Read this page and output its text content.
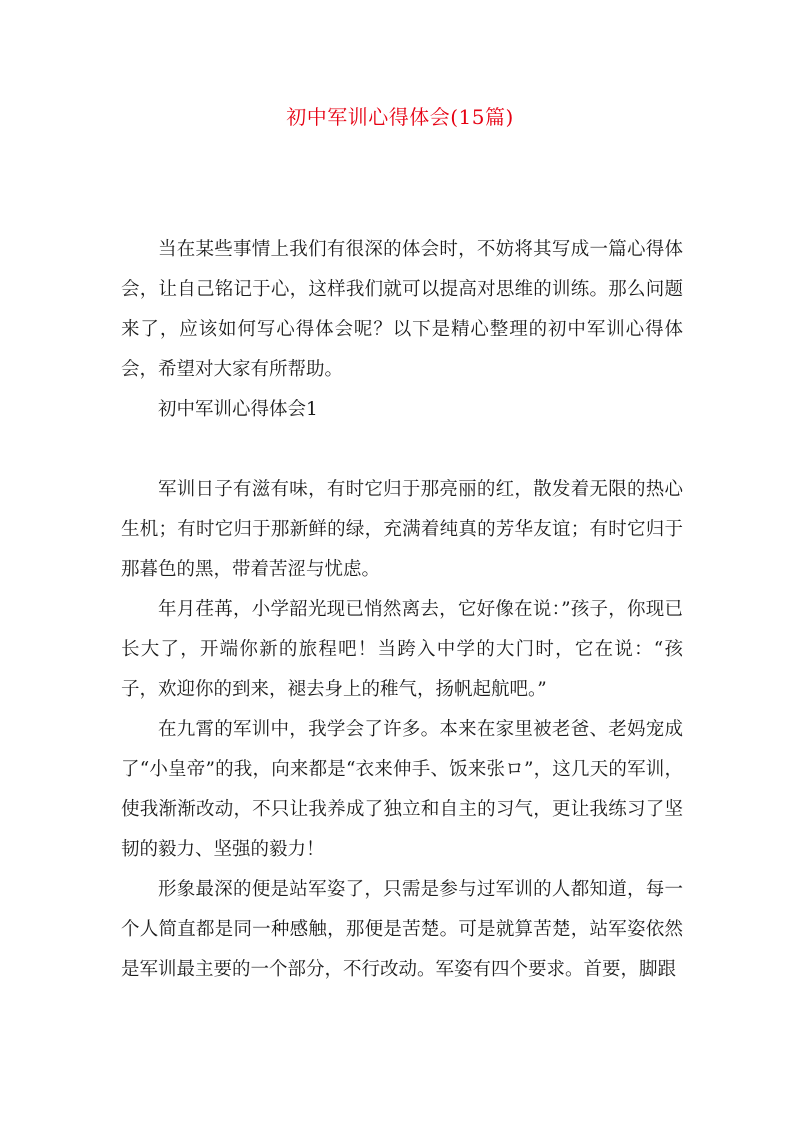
初中军训心得体会(15篇)

当在某些事情上我们有很深的体会时，不妨将其写成一篇心得体会，让自己铭记于心，这样我们就可以提高对思维的训练。那么问题来了，应该如何写心得体会呢？以下是精心整理的初中军训心得体会，希望对大家有所帮助。

初中军训心得体会1

军训日子有滋有味，有时它归于那亮丽的红，散发着无限的热心生机；有时它归于那新鲜的绿，充满着纯真的芳华友谊；有时它归于那暮色的黑，带着苦涩与忧虑。

年月荏苒，小学韶光现已悄然离去，它好像在说：”孩子，你现已长大了，开端你新的旅程吧！当跨入中学的大门时，它在说：“孩子，欢迎你的到来，褪去身上的稚气，扬帆起航吧。”

在九霄的军训中，我学会了许多。本来在家里被老爸、老妈宠成了“小皇帝”的我，向来都是“衣来伸手、饭来张ロ”，这几天的军训，使我渐渐改动，不只让我养成了独立和自主的习气，更让我练习了坚韧的毅力、坚强的毅力！

形象最深的便是站军姿了，只需是参与过军训的人都知道，每一个人简直都是同一种感触，那便是苦楚。可是就算苦楚，站军姿依然是军训最主要的一个部分，不行改动。军姿有四个要求。首要，脚跟
